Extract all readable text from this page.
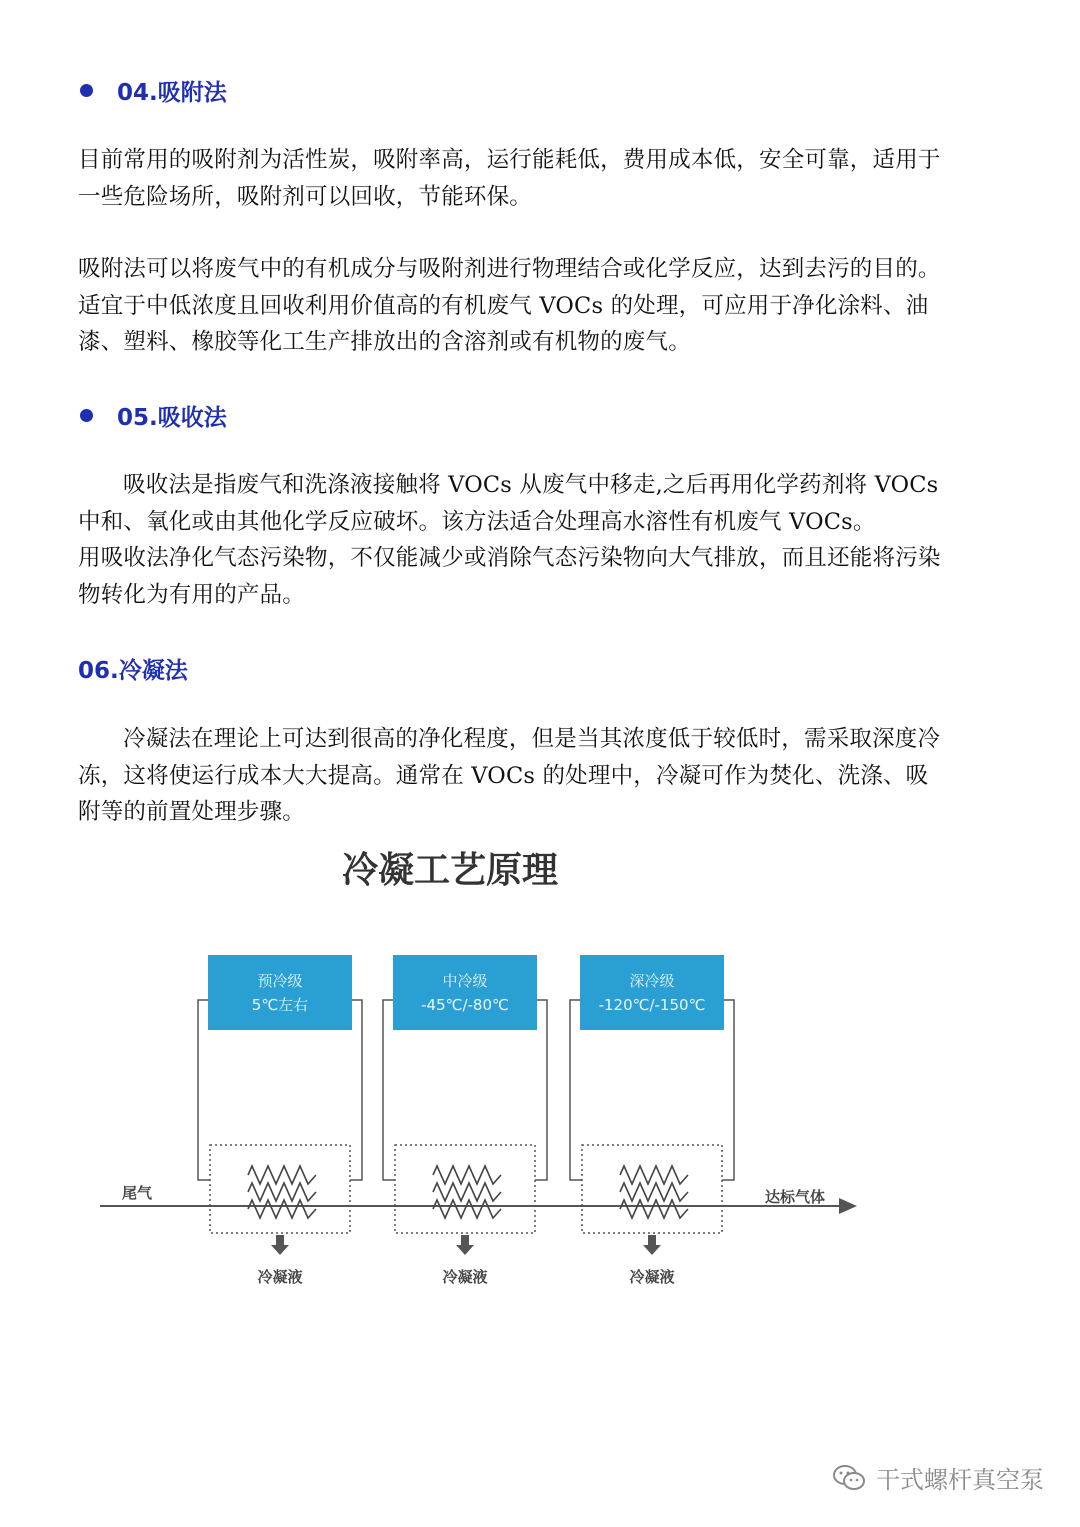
04.吸附法

目前常用的吸附剂为活性炭，吸附率高，运行能耗低，费用成本低，安全可靠，适用于
一些危险场所，吸附剂可以回收，节能环保。

吸附法可以将废气中的有机成分与吸附剂进行物理结合或化学反应，达到去污的目的。
适宜于中低浓度且回收利用价值高的有机废气 VOCs 的处理，可应用于净化涂料、油
漆、塑料、橡胶等化工生产排放出的含溶剂或有机物的废气。

05.吸收法

吸收法是指废气和洗涤液接触将 VOCs 从废气中移走,之后再用化学药剂将 VOCs
中和、氧化或由其他化学反应破坏。该方法适合处理高水溶性有机废气 VOCs。

用吸收法净化气态污染物，不仅能减少或消除气态污染物向大气排放，而且还能将污染
物转化为有用的产品。

06.冷凝法

冷凝法在理论上可达到很高的净化程度，但是当其浓度低于较低时，需采取深度冷
冻，这将使运行成本大大提高。通常在 VOCs 的处理中，冷凝可作为焚化、洗涤、吸
附等的前置处理步骤。

冷凝工艺原理
尾气	达标气体
预冷级
5℃左右
冷凝液
中冷级
-45℃/-80℃
冷凝液
深冷级
-120℃/-150℃
冷凝液
干式螺杆真空泵
